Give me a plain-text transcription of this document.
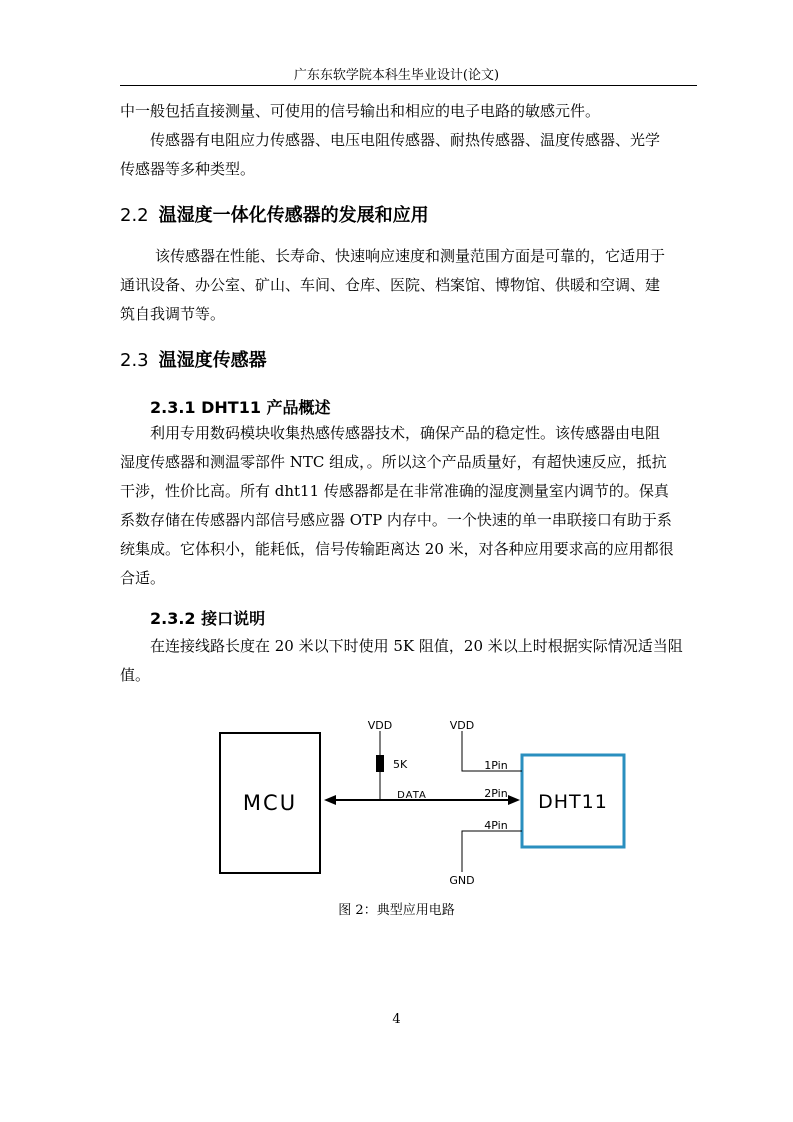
广东东软学院本科生毕业设计(论文)

中一般包括直接测量、可使用的信号输出和相应的电子电路的敏感元件。

传感器有电阻应力传感器、电压电阻传感器、耐热传感器、温度传感器、光学
传感器等多种类型。

2.2 温湿度一体化传感器的发展和应用

该传感器在性能、长寿命、快速响应速度和测量范围方面是可靠的，它适用于
通讯设备、办公室、矿山、车间、仓库、医院、档案馆、博物馆、供暖和空调、建
筑自我调节等。

2.3 温湿度传感器
2.3.1 DHT11 产品概述

利用专用数码模块收集热感传感器技术，确保产品的稳定性。该传感器由电阻
湿度传感器和测温零部件 NTC 组成，。所以这个产品质量好，有超快速反应，抵抗
干涉，性价比高。所有 dht11 传感器都是在非常准确的湿度测量室内调节的。保真
系数存储在传感器内部信号感应器 OTP 内存中。一个快速的单一串联接口有助于系
统集成。它体积小，能耗低，信号传输距离达 20 米，对各种应用要求高的应用都很
合适。

2.3.2 接口说明

在连接线路长度在 20 米以下时使用 5K 阻值，20 米以上时根据实际情况适当阻
值。

MCU	DHT11
VDD
5K
DATA	2Pin
VDD
1Pin
4Pin
GND
图 2：典型应用电路
4
